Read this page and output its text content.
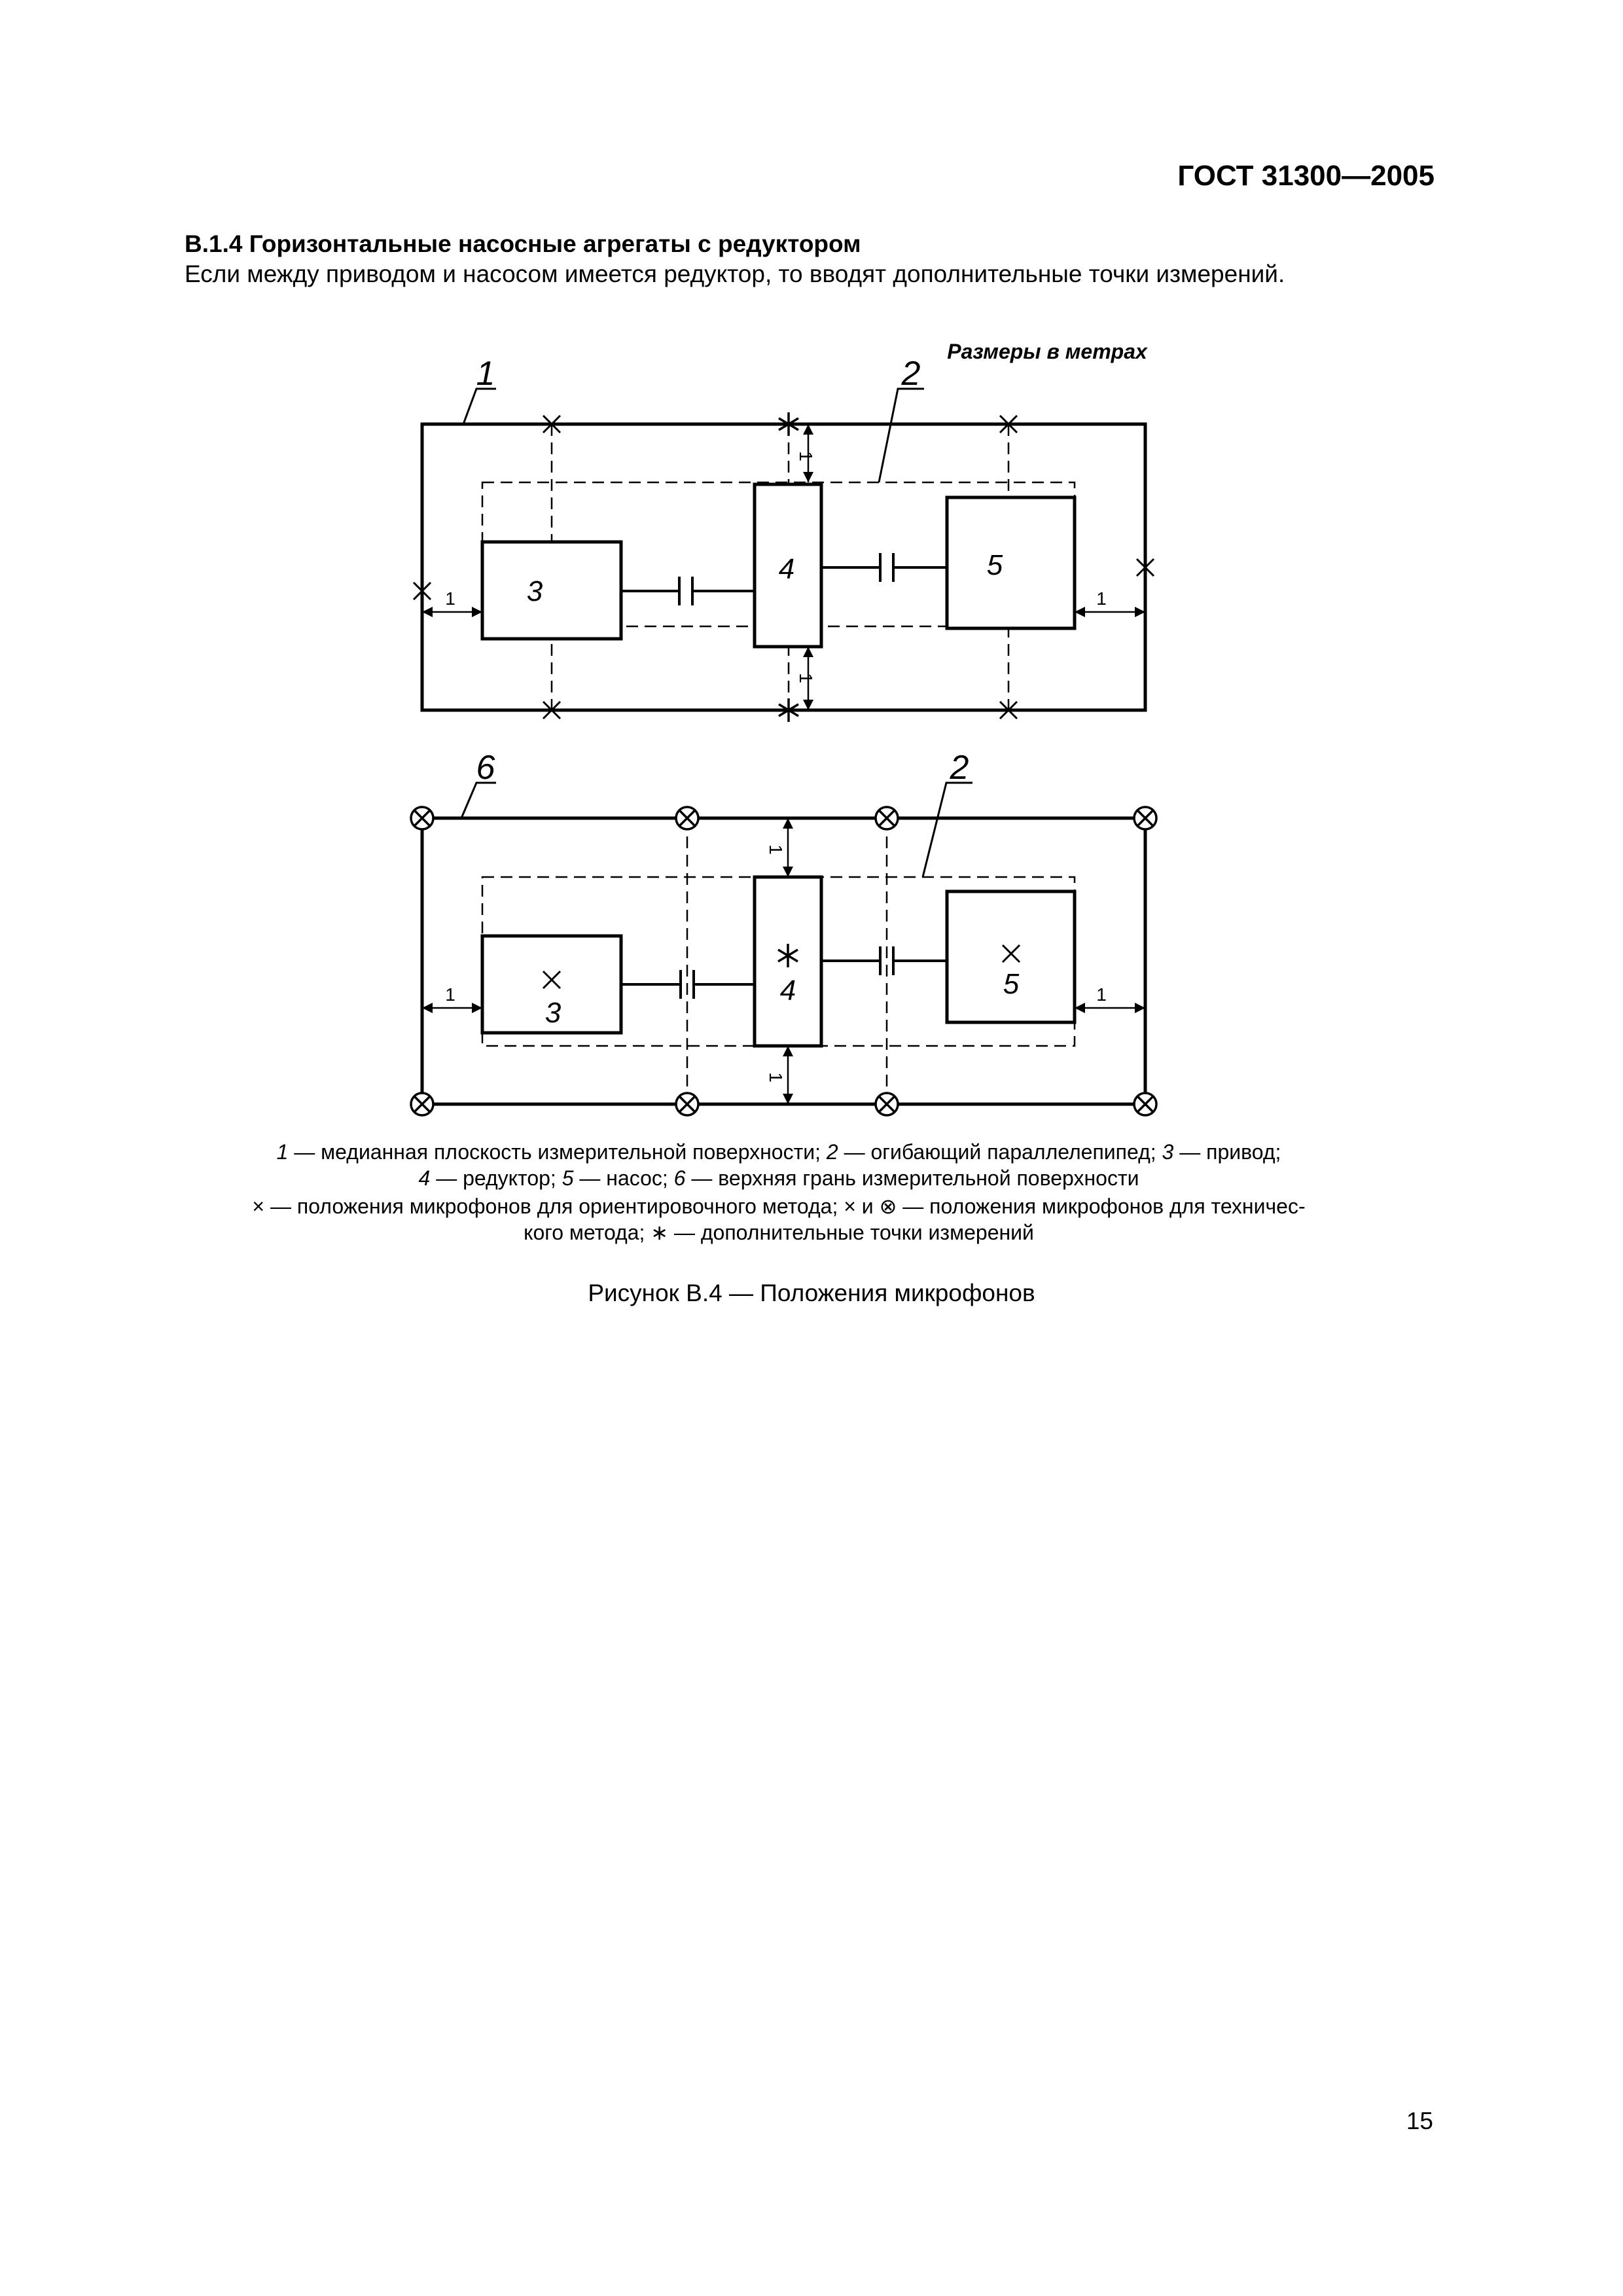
ГОСТ 31300—2005
В.1.4 Горизонтальные насосные агрегаты с редуктором
Если между приводом и насосом имеется редуктор, то вводят дополнительные точки измерений.
Размеры в метрах
3
4	5
1	2
1	1
1
1
3
4	5
6	2
1	1
1
1
1 — медианная плоскость измерительной поверхности; 2 — огибающий параллелепипед; 3 — привод;
4 — редуктор; 5 — насос; 6 — верхняя грань измерительной поверхности
× — положения микрофонов для ориентировочного метода; × и ⊗ — положения микрофонов для техничес-
кого метода; ∗ — дополнительные точки измерений
Рисунок В.4 — Положения микрофонов
15
